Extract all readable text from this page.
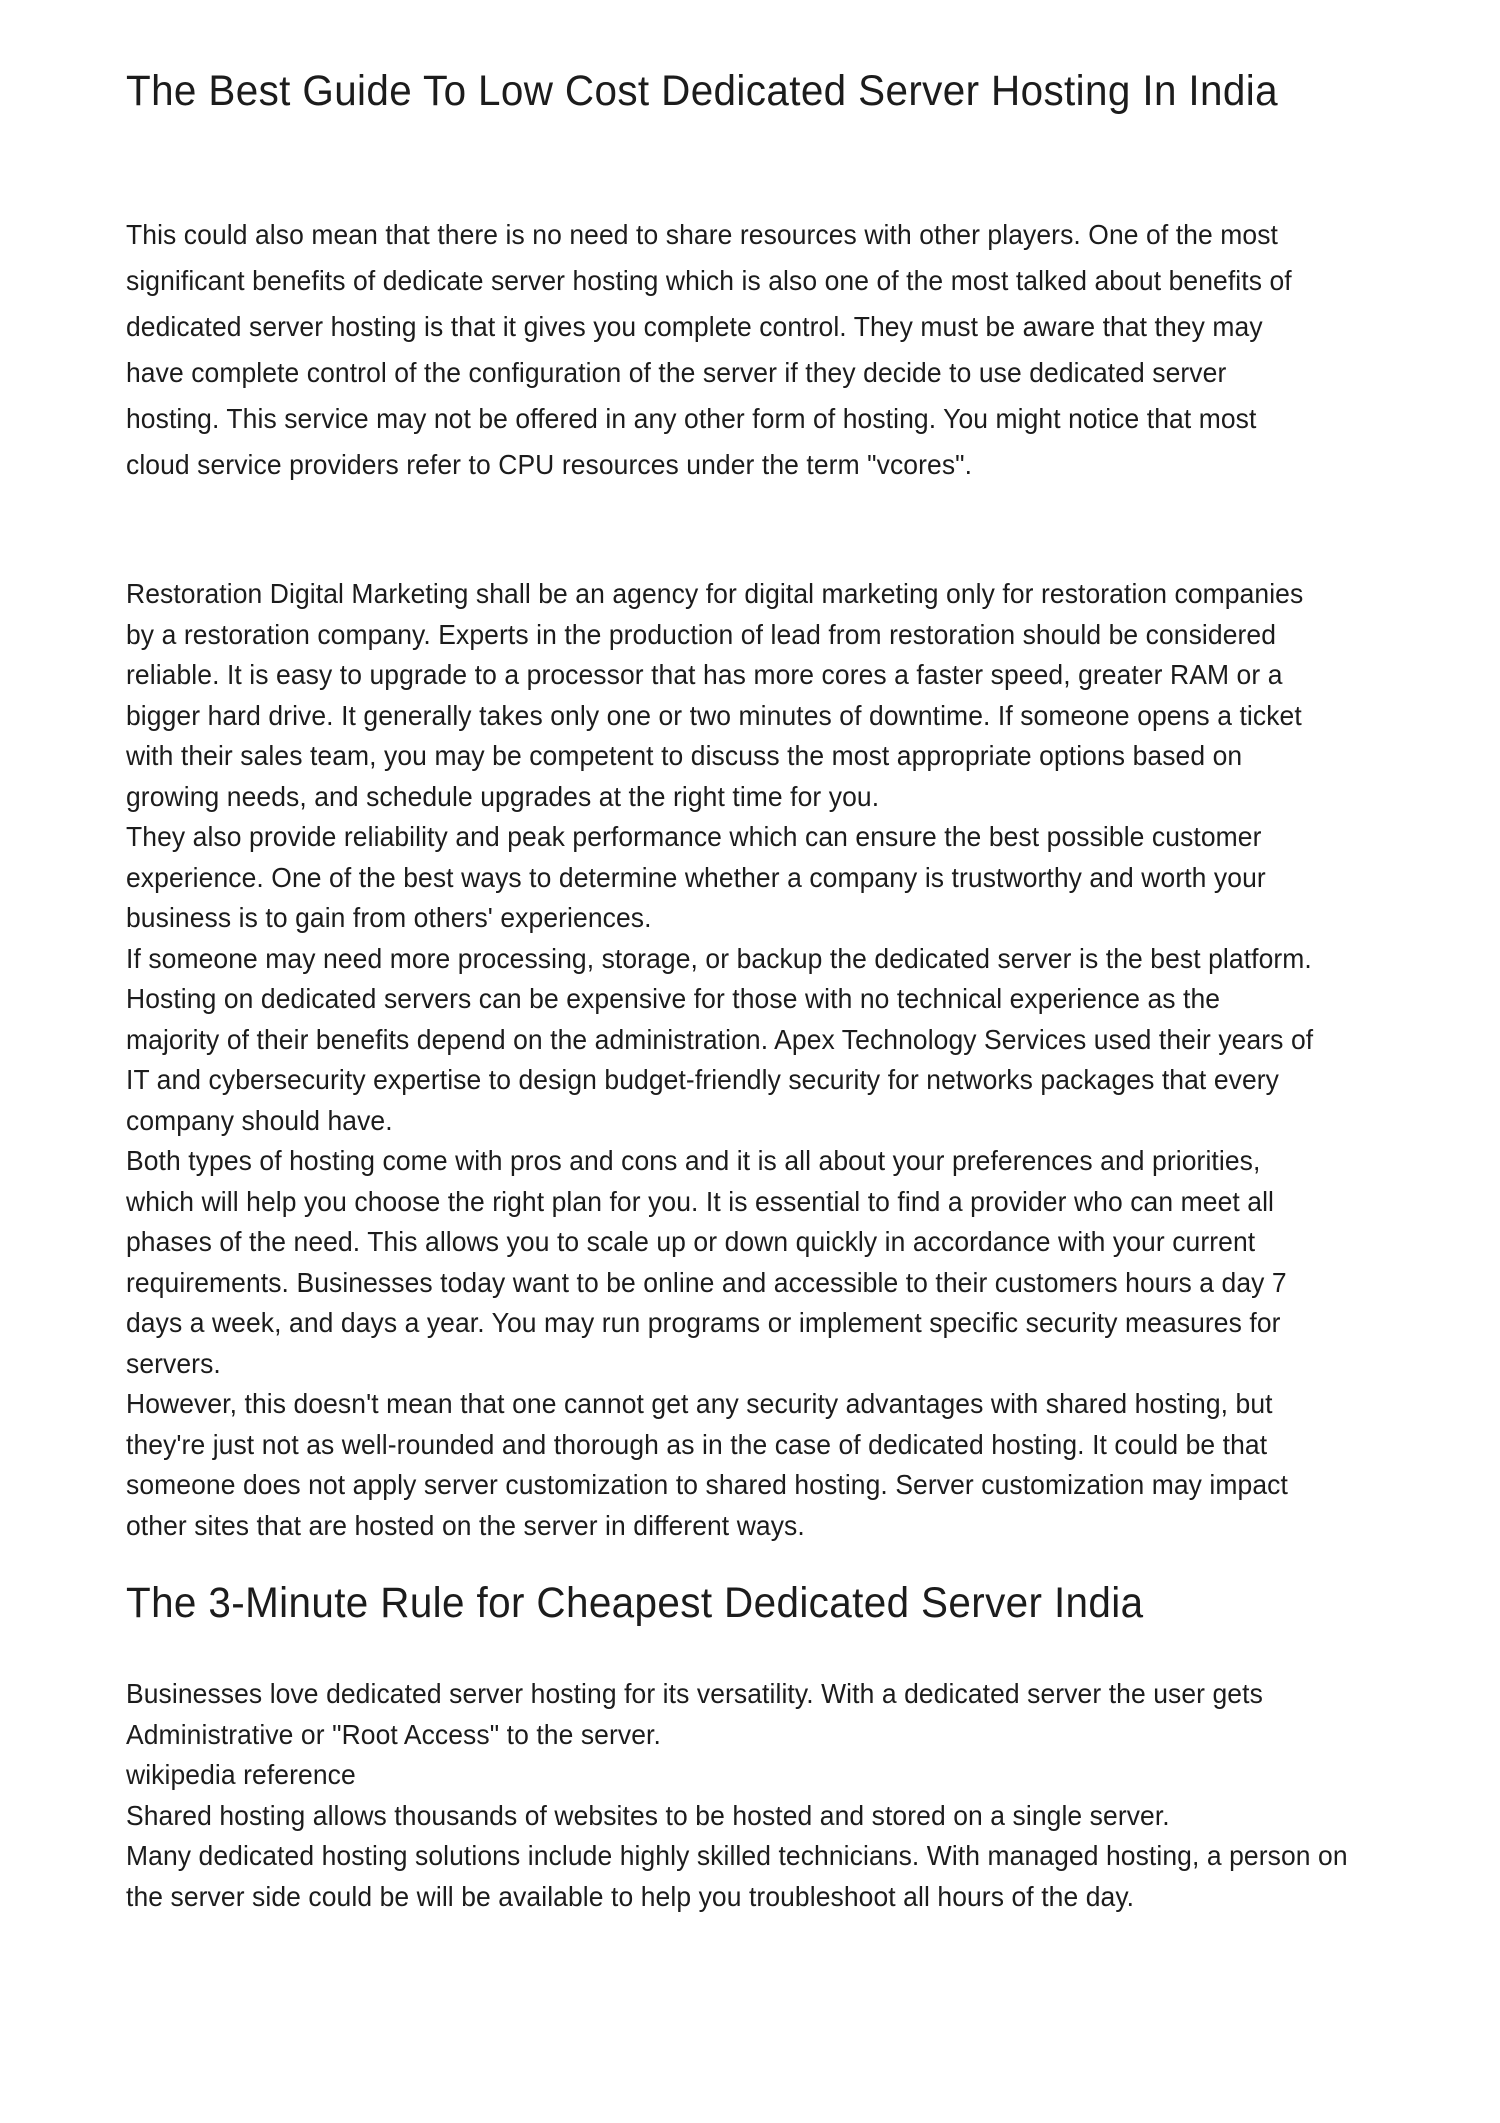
The Best Guide To Low Cost Dedicated Server Hosting In India

This could also mean that there is no need to share resources with other players. One of the most significant benefits of dedicate server hosting which is also one of the most talked about benefits of dedicated server hosting is that it gives you complete control. They must be aware that they may have complete control of the configuration of the server if they decide to use dedicated server hosting. This service may not be offered in any other form of hosting. You might notice that most cloud service providers refer to CPU resources under the term "vcores".

Restoration Digital Marketing shall be an agency for digital marketing only for restoration companies by a restoration company. Experts in the production of lead from restoration should be considered reliable. It is easy to upgrade to a processor that has more cores a faster speed, greater RAM or a bigger hard drive. It generally takes only one or two minutes of downtime. If someone opens a ticket with their sales team, you may be competent to discuss the most appropriate options based on growing needs, and schedule upgrades at the right time for you.

They also provide reliability and peak performance which can ensure the best possible customer experience. One of the best ways to determine whether a company is trustworthy and worth your business is to gain from others' experiences.

If someone may need more processing, storage, or backup the dedicated server is the best platform. Hosting on dedicated servers can be expensive for those with no technical experience as the majority of their benefits depend on the administration. Apex Technology Services used their years of IT and cybersecurity expertise to design budget-friendly security for networks packages that every company should have.

Both types of hosting come with pros and cons and it is all about your preferences and priorities, which will help you choose the right plan for you. It is essential to find a provider who can meet all phases of the need. This allows you to scale up or down quickly in accordance with your current requirements. Businesses today want to be online and accessible to their customers hours a day 7 days a week, and days a year. You may run programs or implement specific security measures for servers.

However, this doesn't mean that one cannot get any security advantages with shared hosting, but they're just not as well-rounded and thorough as in the case of dedicated hosting. It could be that someone does not apply server customization to shared hosting. Server customization may impact other sites that are hosted on the server in different ways.

The 3-Minute Rule for Cheapest Dedicated Server India

Businesses love dedicated server hosting for its versatility. With a dedicated server the user gets Administrative or "Root Access" to the server.

wikipedia reference

Shared hosting allows thousands of websites to be hosted and stored on a single server.

Many dedicated hosting solutions include highly skilled technicians. With managed hosting, a person on the server side could be will be available to help you troubleshoot all hours of the day.
